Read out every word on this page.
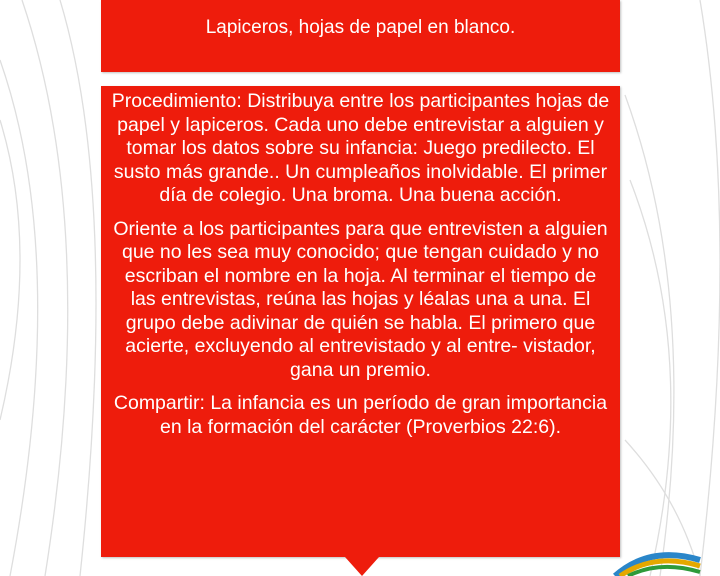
Lapiceros, hojas de papel en blanco.

Procedimiento: Distribuya entre los participantes hojas de papel y lapiceros. Cada uno debe entrevistar a alguien y tomar los datos sobre su infancia: Juego predilecto. El susto más grande.. Un cumpleaños inolvidable. El primer día de colegio. Una broma. Una buena acción.

Oriente a los participantes para que entrevisten a alguien que no les sea muy conocido; que tengan cuidado y no escriban el nombre en la hoja. Al terminar el tiempo de las entrevistas, reúna las hojas y léalas una a una. El grupo debe adivinar de quién se habla. El primero que acierte, excluyendo al entrevistado y al entre- vistador, gana un premio.

Compartir: La infancia es un período de gran importancia en la formación del carácter (Proverbios 22:6).
